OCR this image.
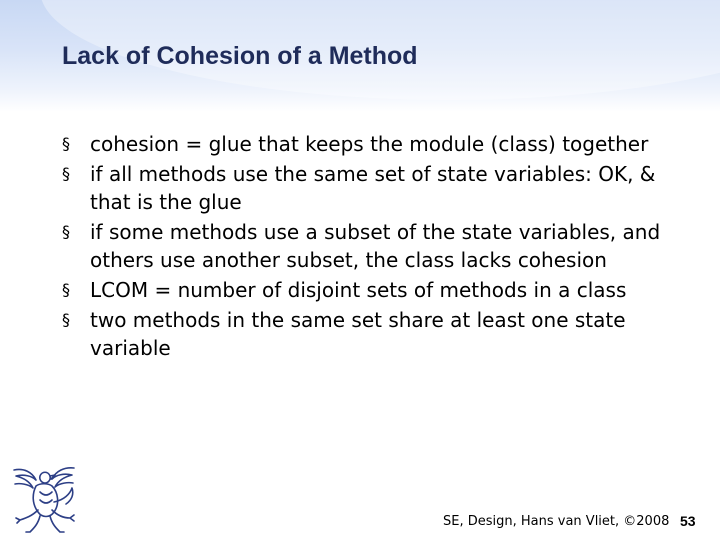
Lack of Cohesion of a Method
§ cohesion = glue that keeps the module (class) together
§ if all methods use the same set of state variables: OK, & that is the glue
§ if some methods use a subset of the state variables, and others use another subset, the class lacks cohesion
§ LCOM = number of disjoint sets of methods in a class
§ two methods in the same set share at least one state variable
SE, Design, Hans van Vliet, ©2008 53
